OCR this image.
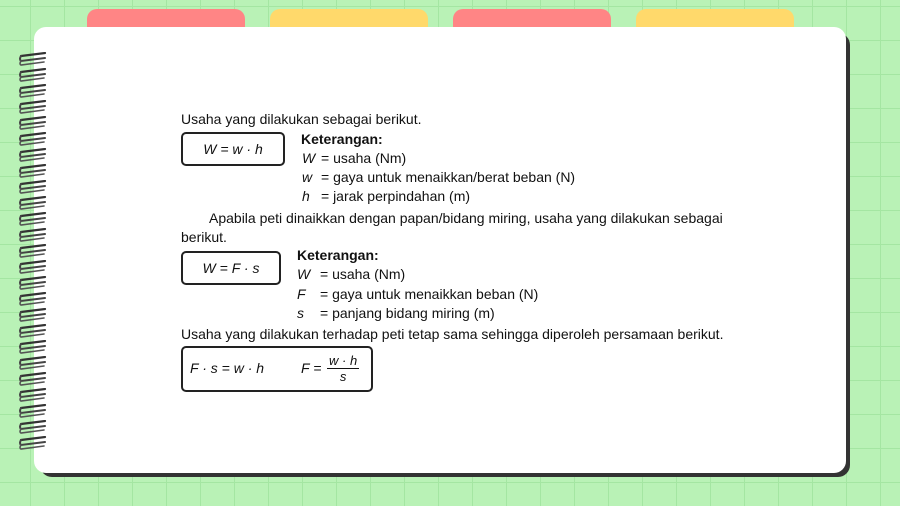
Usaha yang dilakukan sebagai berikut.
W = w · h
Keterangan:
W = usaha (Nm)
w = gaya untuk menaikkan/berat beban (N)
h = jarak perpindahan (m)
Apabila peti dinaikkan dengan papan/bidang miring, usaha yang dilakukan sebagai
berikut.
W = F · s
Keterangan:
W = usaha (Nm)
F = gaya untuk menaikkan beban (N)
s = panjang bidang miring (m)
Usaha yang dilakukan terhadap peti tetap sama sehingga diperoleh persamaan berikut.
F · s = w · h	$F = \frac{w \cdot h}{s}$
